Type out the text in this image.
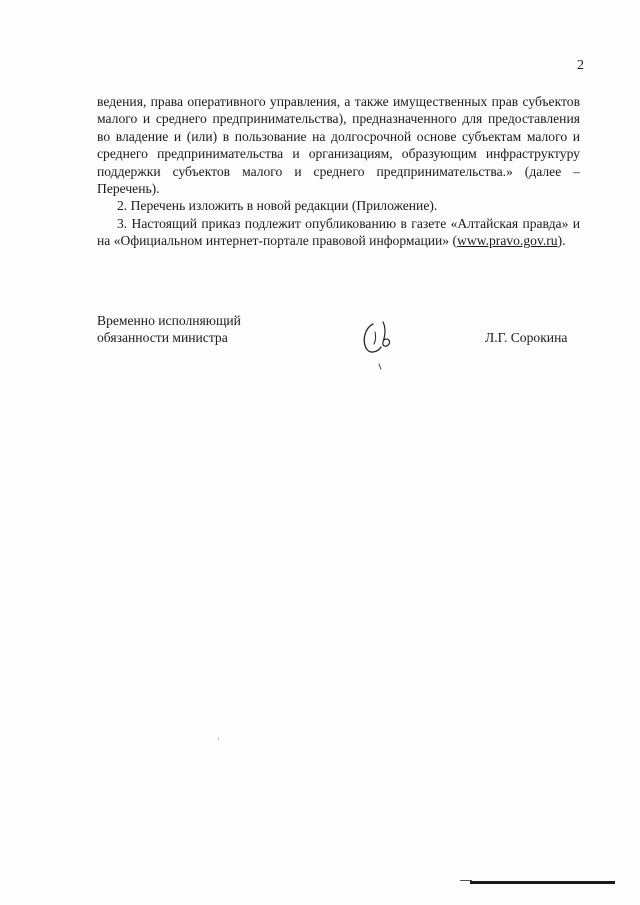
2

ведения, права оперативного управления, а также имущественных прав субъектов малого и среднего предпринимательства), предназначенного для предоставления во владение и (или) в пользование на долгосрочной основе субъектам малого и среднего предпринимательства и организациям, образующим инфраструктуру поддержки субъектов малого и среднего предпринимательства.» (далее – Перечень).

2. Перечень изложить в новой редакции (Приложение).

3. Настоящий приказ подлежит опубликованию в газете «Алтайская правда» и на «Официальном интернет-портале правовой информации» (www.pravo.gov.ru).

Временно исполняющий
обязанности министра	Л.Г. Сорокина
